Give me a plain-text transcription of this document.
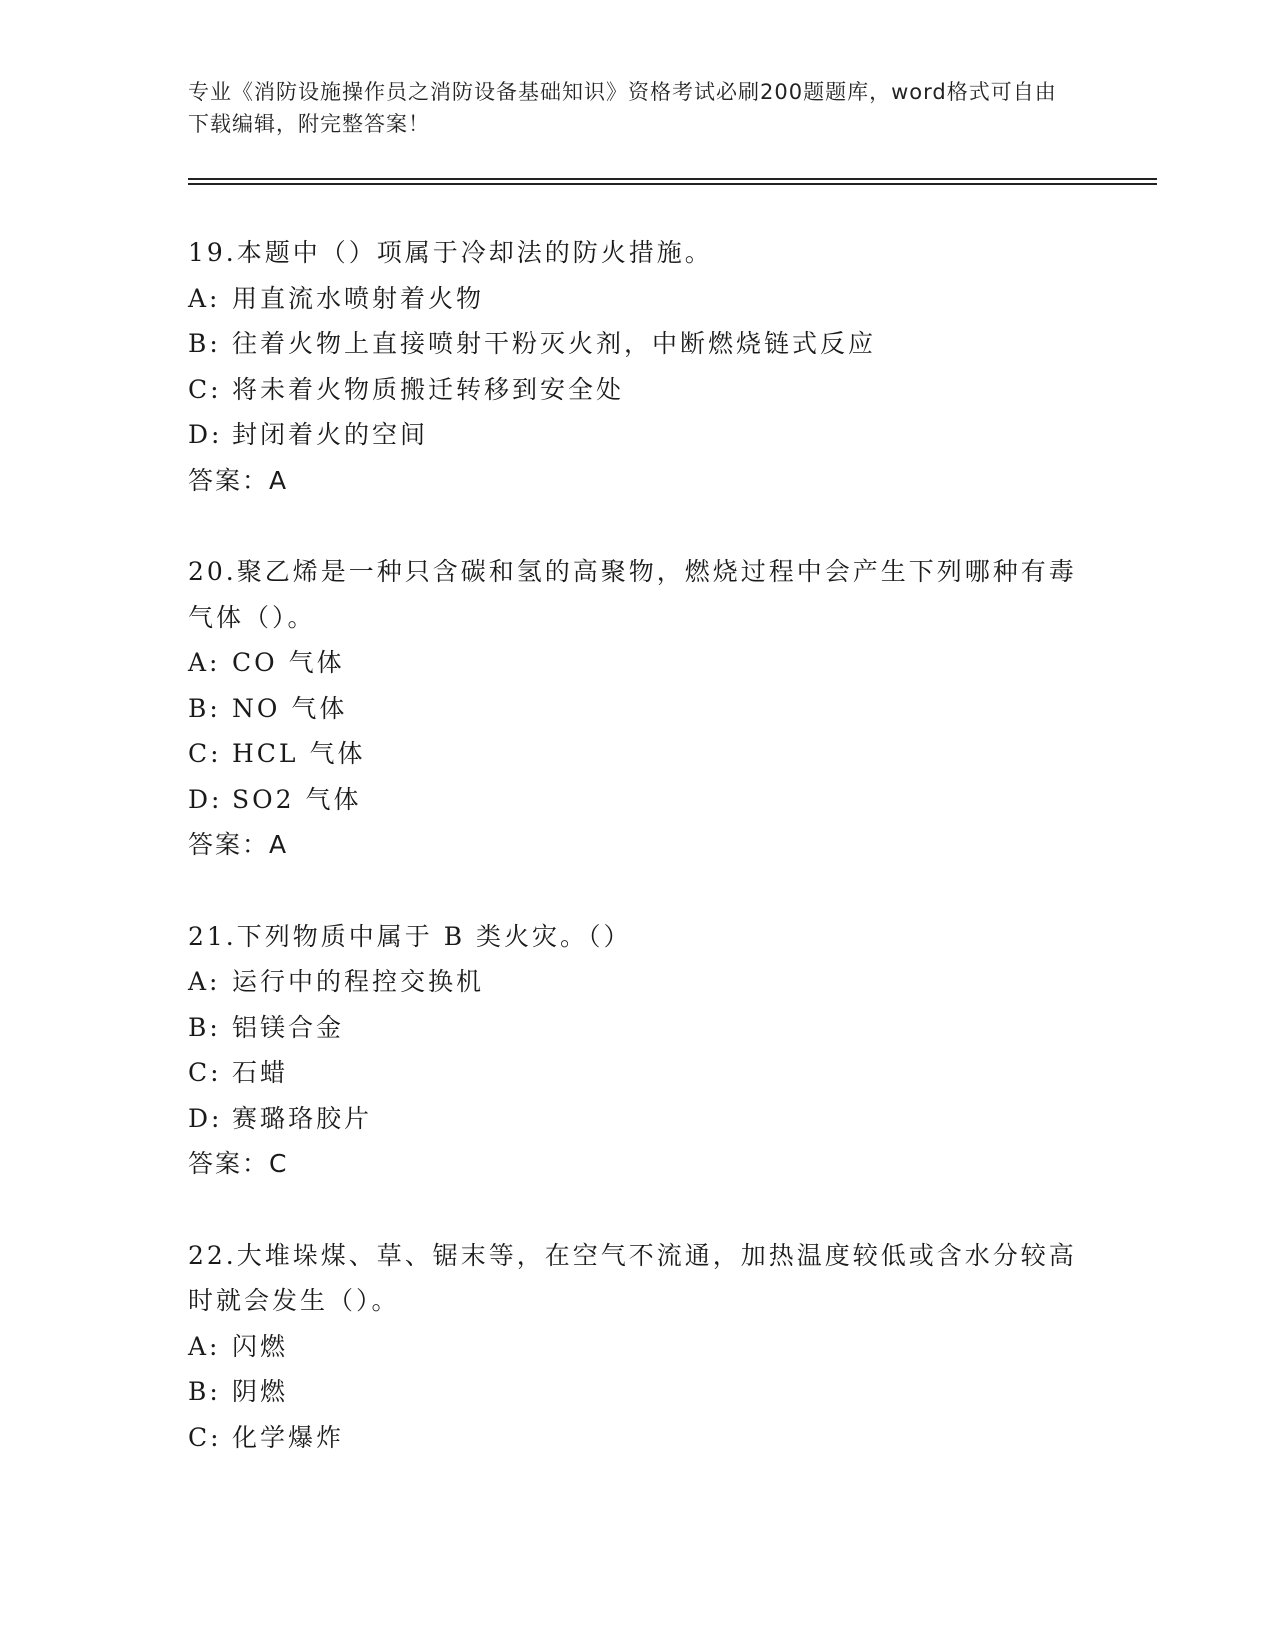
专业《消防设施操作员之消防设备基础知识》资格考试必刷200题题库，word格式可自由下载编辑，附完整答案！
19.本题中（）项属于冷却法的防火措施。
A: 用直流水喷射着火物
B: 往着火物上直接喷射干粉灭火剂，中断燃烧链式反应
C: 将未着火物质搬迁转移到安全处
D: 封闭着火的空间
答案：A
20.聚乙烯是一种只含碳和氢的高聚物，燃烧过程中会产生下列哪种有毒气体（）。
A: CO 气体
B: NO 气体
C: HCL 气体
D: SO2 气体
答案：A
21.下列物质中属于 B 类火灾。（）
A: 运行中的程控交换机
B: 铝镁合金
C: 石蜡
D: 赛璐珞胶片
答案：C
22.大堆垛煤、草、锯末等，在空气不流通，加热温度较低或含水分较高时就会发生（）。
A: 闪燃
B: 阴燃
C: 化学爆炸
